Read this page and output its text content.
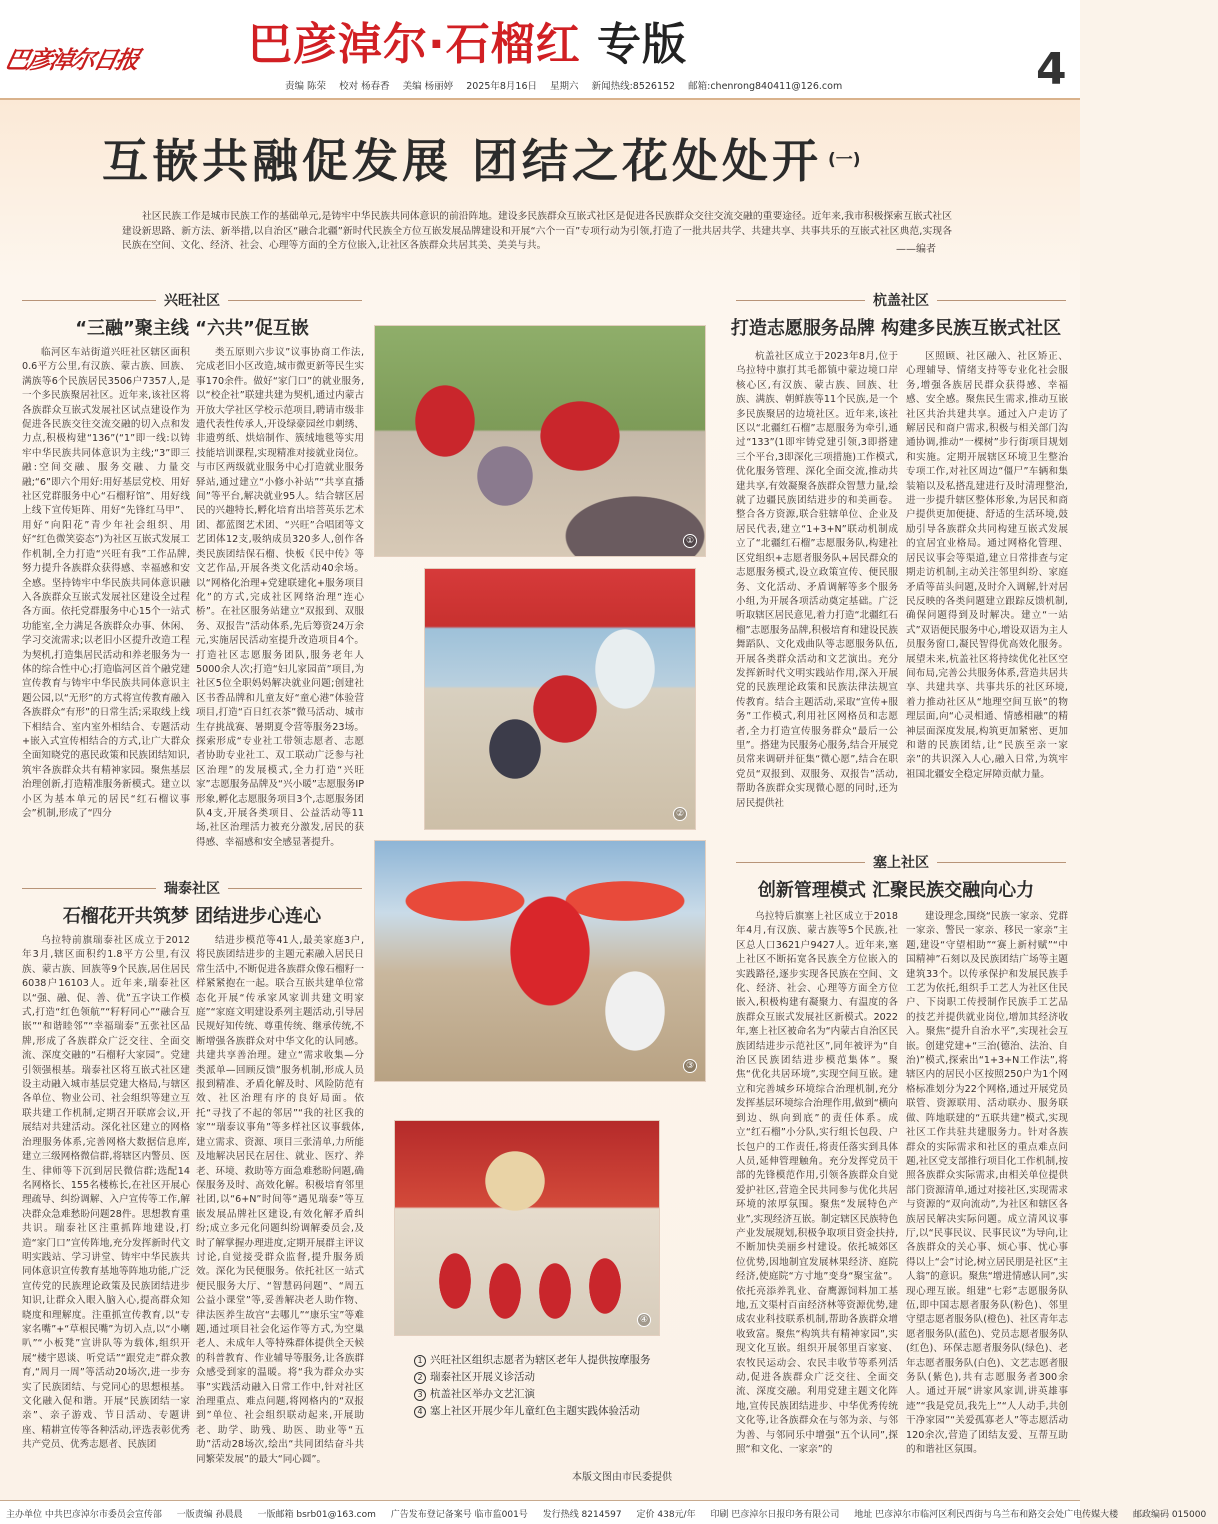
巴彦淖尔日报 巴彦淖尔·石榴红 专版
责编 陈荣 校对 杨春香 美编 杨丽婷 2025年8月16日 星期六 新闻热线:8526152 邮箱:chenrong840411@126.com	4
互嵌共融促发展 团结之花处处开 $^{(一)}$
社区民族工作是城市民族工作的基础单元,是铸牢中华民族共同体意识的前沿阵地。建设多民族群众互嵌式社区是促进各民族群众交往交流交融的重要途径。近年来,我市积极探索互嵌式社区建设新思路、新方法、新举措,以自治区“融合北疆”新时代民族全方位互嵌发展品牌建设和开展“六个一百”专项行动为引领,打造了一批共居共学、共建共享、共事共乐的互嵌式社区典范,实现各民族在空间、文化、经济、社会、心理等方面的全方位嵌入,让社区各族群众共居其美、美美与共。	——编者
兴旺社区
“三融”聚主线 “六共”促互嵌
临河区车站街道兴旺社区辖区面积0.6平方公里,有汉族、蒙古族、回族、满族等6个民族居民3506户7357人,是一个多民族聚居社区。近年来,该社区将各族群众互嵌式发展社区试点建设作为促进各民族交往交流交融的切入点和发力点,积极构建“136”(“1”即一线:以铸牢中华民族共同体意识为主线;“3”即三融:空间交融、服务交融、力量交融;“6”即六个用好:用好基层党校、用好社区党群服务中心“石榴籽馆”、用好线上线下宣传矩阵、用好“先锋红马甲”、用好“向阳花”青少年社会组织、用好“红色微笑姿态”)为社区互嵌式发展工作机制,全力打造“兴旺有我”工作品牌,努力提升各族群众获得感、幸福感和安全感。坚持铸牢中华民族共同体意识融入各族群众互嵌式发展社区建设全过程各方面。依托党群服务中心15个一站式功能室,全力满足各族群众办事、休闲、学习交流需求;以老旧小区提升改造工程为契机,打造集居民活动和养老服务为一体的综合性中心;打造临河区首个融党建宣传教育与铸牢中华民族共同体意识主题公园,以“无形”的方式将宣传教育融入各族群众“有形”的日常生活;采取线上线下相结合、室内室外相结合、专题活动+嵌入式宣传相结合的方式,让广大群众全面知晓党的惠民政策和民族团结知识,筑牢各族群众共有精神家园。聚焦基层治理创新,打造精准服务新模式。建立以小区为基本单元的居民“红石榴议事会”机制,形成了“四分
类五原则六步议”议事协商工作法,完成老旧小区改造,城市微更新等民生实事170余件。做好“家门口”的就业服务,以“校企社”联建共建为契机,通过内蒙古开放大学社区学校示范项目,聘请市级非遗代表性传承人,开设绿豪园丝巾刺绣、非遗剪纸、烘焙制作、簇绒地毯等实用技能培训课程,实现精准对接就业岗位。与市区两级就业服务中心打造就业服务驿站,通过建立“小修小补站”“共享直播间”等平台,解决就业95人。结合辖区居民的兴趣特长,孵化培育出培菩英乐艺术团、都蓝图艺术团、“兴旺”合唱团等文艺团体12支,吸纳成员320多人,创作各类民族团结保石榴、快板《民中传》等文艺作品,开展各类文化活动40余场。以“网格化治理+党建联建化+服务项目化”的方式,完成社区网络治理“连心桥”。在社区服务站建立“双报到、双服务、双报告”活动体系,先后筹资24万余元,实施居民活动室提升改造项目4个。打造社区志愿服务团队,服务老年人5000余人次;打造“妇儿家园苗”项目,为社区5位全职妈妈解决就业问题;创建社区书香品牌和儿童友好“童心港”体验营项目,打造“百日红衣茶”微马活动、城市生存挑战赛、暑期夏令营等服务23场。探索形成“专业社工带领志愿者、志愿者协助专业社工、双工联动广泛参与社区治理”的发展模式,全力打造“兴旺家”志愿服务品牌及“兴小暖”志愿服务IP形象,孵化志愿服务项目3个,志愿服务团队4支,开展各类项目、公益活动等11场,社区治理活力被充分激发,居民的获得感、幸福感和安全感显著提升。
瑞泰社区
石榴花开共筑梦 团结进步心连心
乌拉特前旗瑞泰社区成立于2012年3月,辖区面积约1.8平方公里,有汉族、蒙古族、回族等9个民族,居住居民6038户16103人。近年来,瑞泰社区以“强、融、促、善、优”五字诀工作模式,打造“红色领航”“籽籽同心”“融合互嵌”“和谐睦邻”“幸福瑞泰”五张社区品牌,形成了各族群众广泛交往、全面交流、深度交融的“石榴籽大家园”。党建引领强根基。瑞泰社区将互嵌式社区建设主动融入城市基层党建大格局,与辖区各单位、物业公司、社会组织等建立互联共建工作机制,定期召开联席会议,开展结对共建活动。深化社区建立的网格治理服务体系,完善网格大数据信息库,建立三级网格微信群,将辖区内警员、医生、律师等下沉到居民微信群;选配14名网格长、155名楼栋长,在社区开展心理疏导、纠纷调解、入户宣传等工作,解决群众急难愁盼问题28件。思想教育重共识。瑞泰社区注重抓阵地建设,打造“家门口”宣传阵地,充分发挥新时代文明实践站、学习讲堂、铸牢中华民族共同体意识宣传教育基地等阵地功能,广泛宣传党的民族理论政策及民族团结进步知识,让群众入眼入脑入心,提高群众知晓度和理解度。注重抓宣传教育,以“专家名嘴”+“草根民嘴”为切入点,以“小喇叭”“小板凳”宣讲队等为载体,组织开展“楼宇恩谈、听党话”“跟党走”群众教育,“周月一周”等活动20场次,进一步夯实了民族团结、与党同心的思想根基。文化融入促和谐。开展“民族团结一家亲”、亲子游戏、节日活动、专题讲座、精耕宣传等各种活动,评选表彰优秀共产党员、优秀志愿者、民族团
结进步模范等41人,最美家庭3户,将民族团结进步的主题元素融入居民日常生活中,不断促进各族群众像石榴籽一样紧紧抱在一起。联合互嵌共建单位常态化开展“传承家风家训共建文明家庭”“家庭文明建设系列主题活动,引导居民规好知传统、尊重传统、继承传统,不断增强各族群众对中华文化的认同感。共建共享善治理。建立“需求收集—分类派单—回顾反馈”服务机制,形成人员报到精准、矛盾化解及时、风险防范有效、社区治理有序的良好局面。依托“寻找了不起的邻居”“我的社区我的家”“瑞泰议事角”等多样社区议事载体,建立需求、资源、项目三张清单,力所能及地解决居民在居住、就业、医疗、养老、环境、救助等方面急难愁盼问题,确保服务及时、高效化解。积极培育邻里社团,以“6+N”时间等“遇见瑞泰”等互嵌发展品牌社区建设,有效化解矛盾纠纷;成立多元化问题纠纷调解委员会,及时了解掌握办理进度,定期开展群主评议讨论,自觉接受群众监督,提升服务质效。深化为民便服务。依托社区一站式便民服务大厅、“智慧码问题”、“周五公益小课堂”等,妥善解决老人助作物、律法医养生故宫“去哪儿”“康乐宝”等难题,通过项目社会化运作等方式,为空巢老人、未成年人等特殊群体提供全天候的科普教育、作业辅导等服务,让各族群众感受到家的温暖。将“我为群众办实事”实践活动融入日常工作中,针对社区治理重点、难点问题,将网格内的“双报到”单位、社会组织联动起来,开展助老、助学、助残、助医、助业等“五助”活动28场次,绘出“共同团结奋斗共同繁荣发展”的最大“同心圆”。
①
②
③
④
1 兴旺社区组织志愿者为辖区老年人提供按摩服务
2 瑞泰社区开展义诊活动
3 杭盖社区举办文艺汇演
4 塞上社区开展少年儿童红色主题实践体验活动
本版文图由市民委提供
杭盖社区
打造志愿服务品牌 构建多民族互嵌式社区
杭盖社区成立于2023年8月,位于乌拉特中旗打其毛都镇中蒙边境口岸核心区,有汉族、蒙古族、回族、壮族、满族、朝鲜族等11个民族,是一个多民族聚居的边境社区。近年来,该社区以“北疆红石榴”志愿服务为牵引,通过“133”(1即牢铸党建引领,3即搭建三个平台,3即深化三项措施)工作模式,优化服务管理、深化全面交流,推动共建共享,有效凝聚各族群众智慧力量,绘就了边疆民族团结进步的和美画卷。整合各方资源,联合驻辖单位、企业及居民代表,建立“1+3+N”联动机制成立了“北疆红石榴”志愿服务队,构建社区党组织+志愿者服务队+居民群众的志愿服务模式,设立政策宣传、便民服务、文化活动、矛盾调解等多个服务小组,为开展各项活动奠定基础。广泛听取辖区居民意见,着力打造“北疆红石榴”志愿服务品牌,积极培育和建设民族舞蹈队、文化戏曲队等志愿服务队伍,开展各类群众活动和文艺演出。充分发挥新时代文明实践站作用,深入开展党的民族理论政策和民族法律法规宣传教育。结合主题活动,采取“宣传+服务”工作模式,利用社区网格员和志愿者,全力打造宣传服务群众“最后一公里”。搭建为民服务心服务,结合开展党员常来调研并征集“微心愿”,结合在职党员“双报到、双服务、双报告”活动,帮助各族群众实现微心愿的同时,还为居民提供社
区照顾、社区融入、社区矫正、心理辅导、情绪支持等专业化社会服务,增强各族居民群众获得感、幸福感、安全感。聚焦民生需求,推动互嵌社区共治共建共享。通过入户走访了解居民和商户需求,积极与相关部门沟通协调,推动“一棵树”步行街项目规划和实施。定期开展辖区环境卫生整治专项工作,对社区周边“僵尸”车辆和集装箱以及私搭乱建进行及时清理整治,进一步提升辖区整体形象,为居民和商户提供更加便捷、舒适的生活环境,鼓励引导各族群众共同构建互嵌式发展的宜居宜业格局。通过网格化管理、居民议事会等渠道,建立日常排查与定期走访机制,主动关注邻里纠纷、家庭矛盾等苗头问题,及时介入调解,针对居民反映的各类问题建立跟踪反馈机制,确保问题得到及时解决。建立“一站式”双语便民服务中心,增设双语为主人员服务窗口,凝民智得优高效化服务。展望未来,杭盖社区将持续优化社区空间布局,完善公共服务体系,营造共居共享、共建共享、共事共乐的社区环境,着力推动社区从“地理空间互嵌”的物理层面,向“心灵相通、情感相融”的精神层面深度发展,构筑更加紧密、更加和谐的民族团结,让“民族至亲一家亲”的共识深入人心,融入日常,为筑牢祖国北疆安全稳定屏障贡献力量。
塞上社区
创新管理模式 汇聚民族交融向心力
乌拉特后旗塞上社区成立于2018年4月,有汉族、蒙古族等5个民族,社区总人口3621户9427人。近年来,塞上社区不断拓宽各民族全方位嵌入的实践路径,逐步实现各民族在空间、文化、经济、社会、心理等方面全方位嵌入,积极构建有凝聚力、有温度的各族群众互嵌式发展社区新模式。2022年,塞上社区被命名为“内蒙古自治区民族团结进步示范社区”,同年被评为“自治区民族团结进步模范集体”。聚焦“优化共居环境”,实现空间互嵌。建立和完善城乡环境综合治理机制,充分发挥基层环境综合治理作用,做到“横向到边、纵向到底”的责任体系。成立“红石榴”小分队,实行组长包段、户长包户的工作责任,将责任落实到具体人员,延伸管理触角。充分发挥党员干部的先锋模范作用,引领各族群众自觉爱护社区,营造全民共同参与优化共居环境的浓厚氛围。聚焦“发展特色产业”,实现经济互嵌。制定辖区民族特色产业发展规划,积极争取项目资金扶持,不断加快美丽乡村建设。依托城郊区位优势,因地制宜发展林果经济、庭院经济,使庭院“方寸地”变身“聚宝盆”。依托亮添养乳业、奋鹰源饲料加工基地,五文渠村百亩经济林等资源优势,建成农业科技联系机制,帮助各族群众增收致富。聚焦“构筑共有精神家园”,实现文化互嵌。组织开展邻里百家宴、农牧民运动会、农民丰收节等系列活动,促进各族群众广泛交往、全面交流、深度交融。利用党建主题文化阵地,宣传民族团结进步、中华优秀传统文化等,让各族群众在与邻为亲、与邻为善、与邻同乐中增强“五个认同”,探照“和文化、一家亲”的
建设理念,围绕“民族一家亲、党群一家亲、警民一家亲、移民一家亲”主题,建设“守望相助”“赛上新村赋”“中国精神”石刻以及民族团结广场等主题建筑33个。以传承保护和发展民族手工艺为依托,组织手工艺人为社区住民户、下岗职工传授制作民族手工艺品的技艺并提供就业岗位,增加其经济收入。聚焦“提升自治水平”,实现社会互嵌。创建党建+“三治(德治、法治、自治)”模式,探索出“1+3+N工作法”,将辖区内的居民小区按照250户为1个网格标准划分为22个网格,通过开展党员联管、资源联用、活动联办、服务联做、阵地联建的“五联共建”模式,实现社区工作共驻共建服务力。针对各族群众的实际需求和社区的重点难点问题,社区党支部推行项目化工作机制,按照各族群众实际需求,由相关单位提供部门资源清单,通过对接社区,实现需求与资源的“双向流动”,为社区和辖区各族居民解决实际问题。成立清风议事厅,以“民事民议、民事民议”为导向,让各族群众的关心事、烦心事、忧心事得以上“会”讨论,树立居民朋是社区“主人翁”的意识。聚焦“增进情感认同”,实现心理互嵌。组建“七彩”志愿服务队伍,即中国志愿者服务队(粉色)、邻里守望志愿者服务队(橙色)、社区青年志愿者服务队(蓝色)、党员志愿者服务队(红色)、环保志愿者服务队(绿色)、老年志愿者服务队(白色)、文艺志愿者服务队(紫色),共有志愿服务者300余人。通过开展“讲家风家训,讲英雄事迹”“我是党员,我先上”“人人动手,共创干净家园”“关爱孤寡老人”等志愿活动120余次,营造了团结友爱、互帮互助的和谐社区氛围。
主办单位 中共巴彦淖尔市委员会宣传部 一版责编 孙晨晨 一版邮箱 bsrb01@163.com 广告发布登记备案号 临市监001号 发行热线 8214597 定价 438元/年 印刷 巴彦淖尔日报印务有限公司 地址 巴彦淖尔市临河区利民西街与乌兰布和路交会处广电传媒大楼 邮政编码 015000
